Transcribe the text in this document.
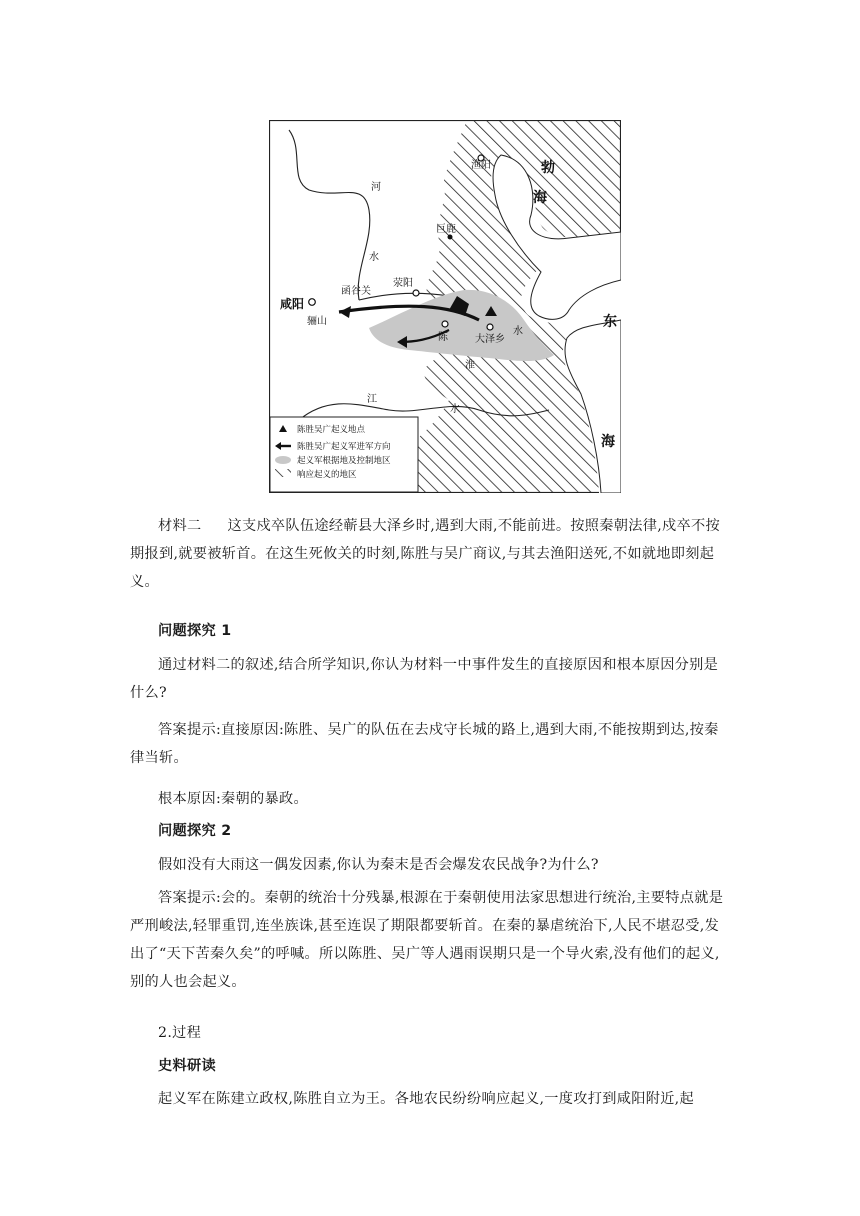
渔阳	勃
海
河
水
巨鹿
函谷关
荥阳
咸阳
骊山
陈	大泽乡
水
淮
东
江
水
海
陈胜吴广起义地点
陈胜吴广起义军进军方向
起义军根据地及控制地区
响应起义的地区

材料二 这支戍卒队伍途经蕲县大泽乡时,遇到大雨,不能前进。按照秦朝法律,戍卒不按期报到,就要被斩首。在这生死攸关的时刻,陈胜与吴广商议,与其去渔阳送死,不如就地即刻起义。

问题探究 1

通过材料二的叙述,结合所学知识,你认为材料一中事件发生的直接原因和根本原因分别是什么?

答案提示:直接原因:陈胜、吴广的队伍在去戍守长城的路上,遇到大雨,不能按期到达,按秦律当斩。

根本原因:秦朝的暴政。

问题探究 2

假如没有大雨这一偶发因素,你认为秦末是否会爆发农民战争?为什么?

答案提示:会的。秦朝的统治十分残暴,根源在于秦朝使用法家思想进行统治,主要特点就是严刑峻法,轻罪重罚,连坐族诛,甚至连误了期限都要斩首。在秦的暴虐统治下,人民不堪忍受,发出了“天下苦秦久矣”的呼喊。所以陈胜、吴广等人遇雨误期只是一个导火索,没有他们的起义,别的人也会起义。

2.过程

史料研读

起义军在陈建立政权,陈胜自立为王。各地农民纷纷响应起义,一度攻打到咸阳附近,起
